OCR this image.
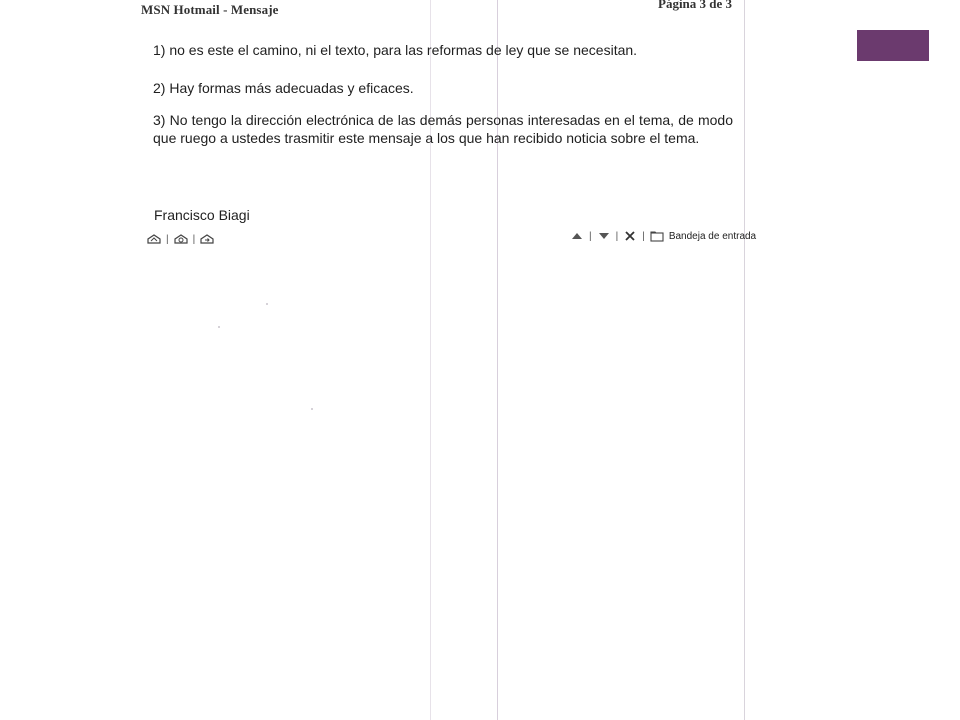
MSN Hotmail - Mensaje	Página 3 de 3

1) no es este el camino, ni el texto, para las reformas de ley que se necesitan.

2) Hay formas más adecuadas y eficaces.

3) No tengo la dirección electrónica de las demás personas interesadas en el tema, de modo que ruego a ustedes trasmitir este mensaje a los que han recibido noticia sobre el tema.

Francisco Biagi
| |	| | | Bandeja de entrada
